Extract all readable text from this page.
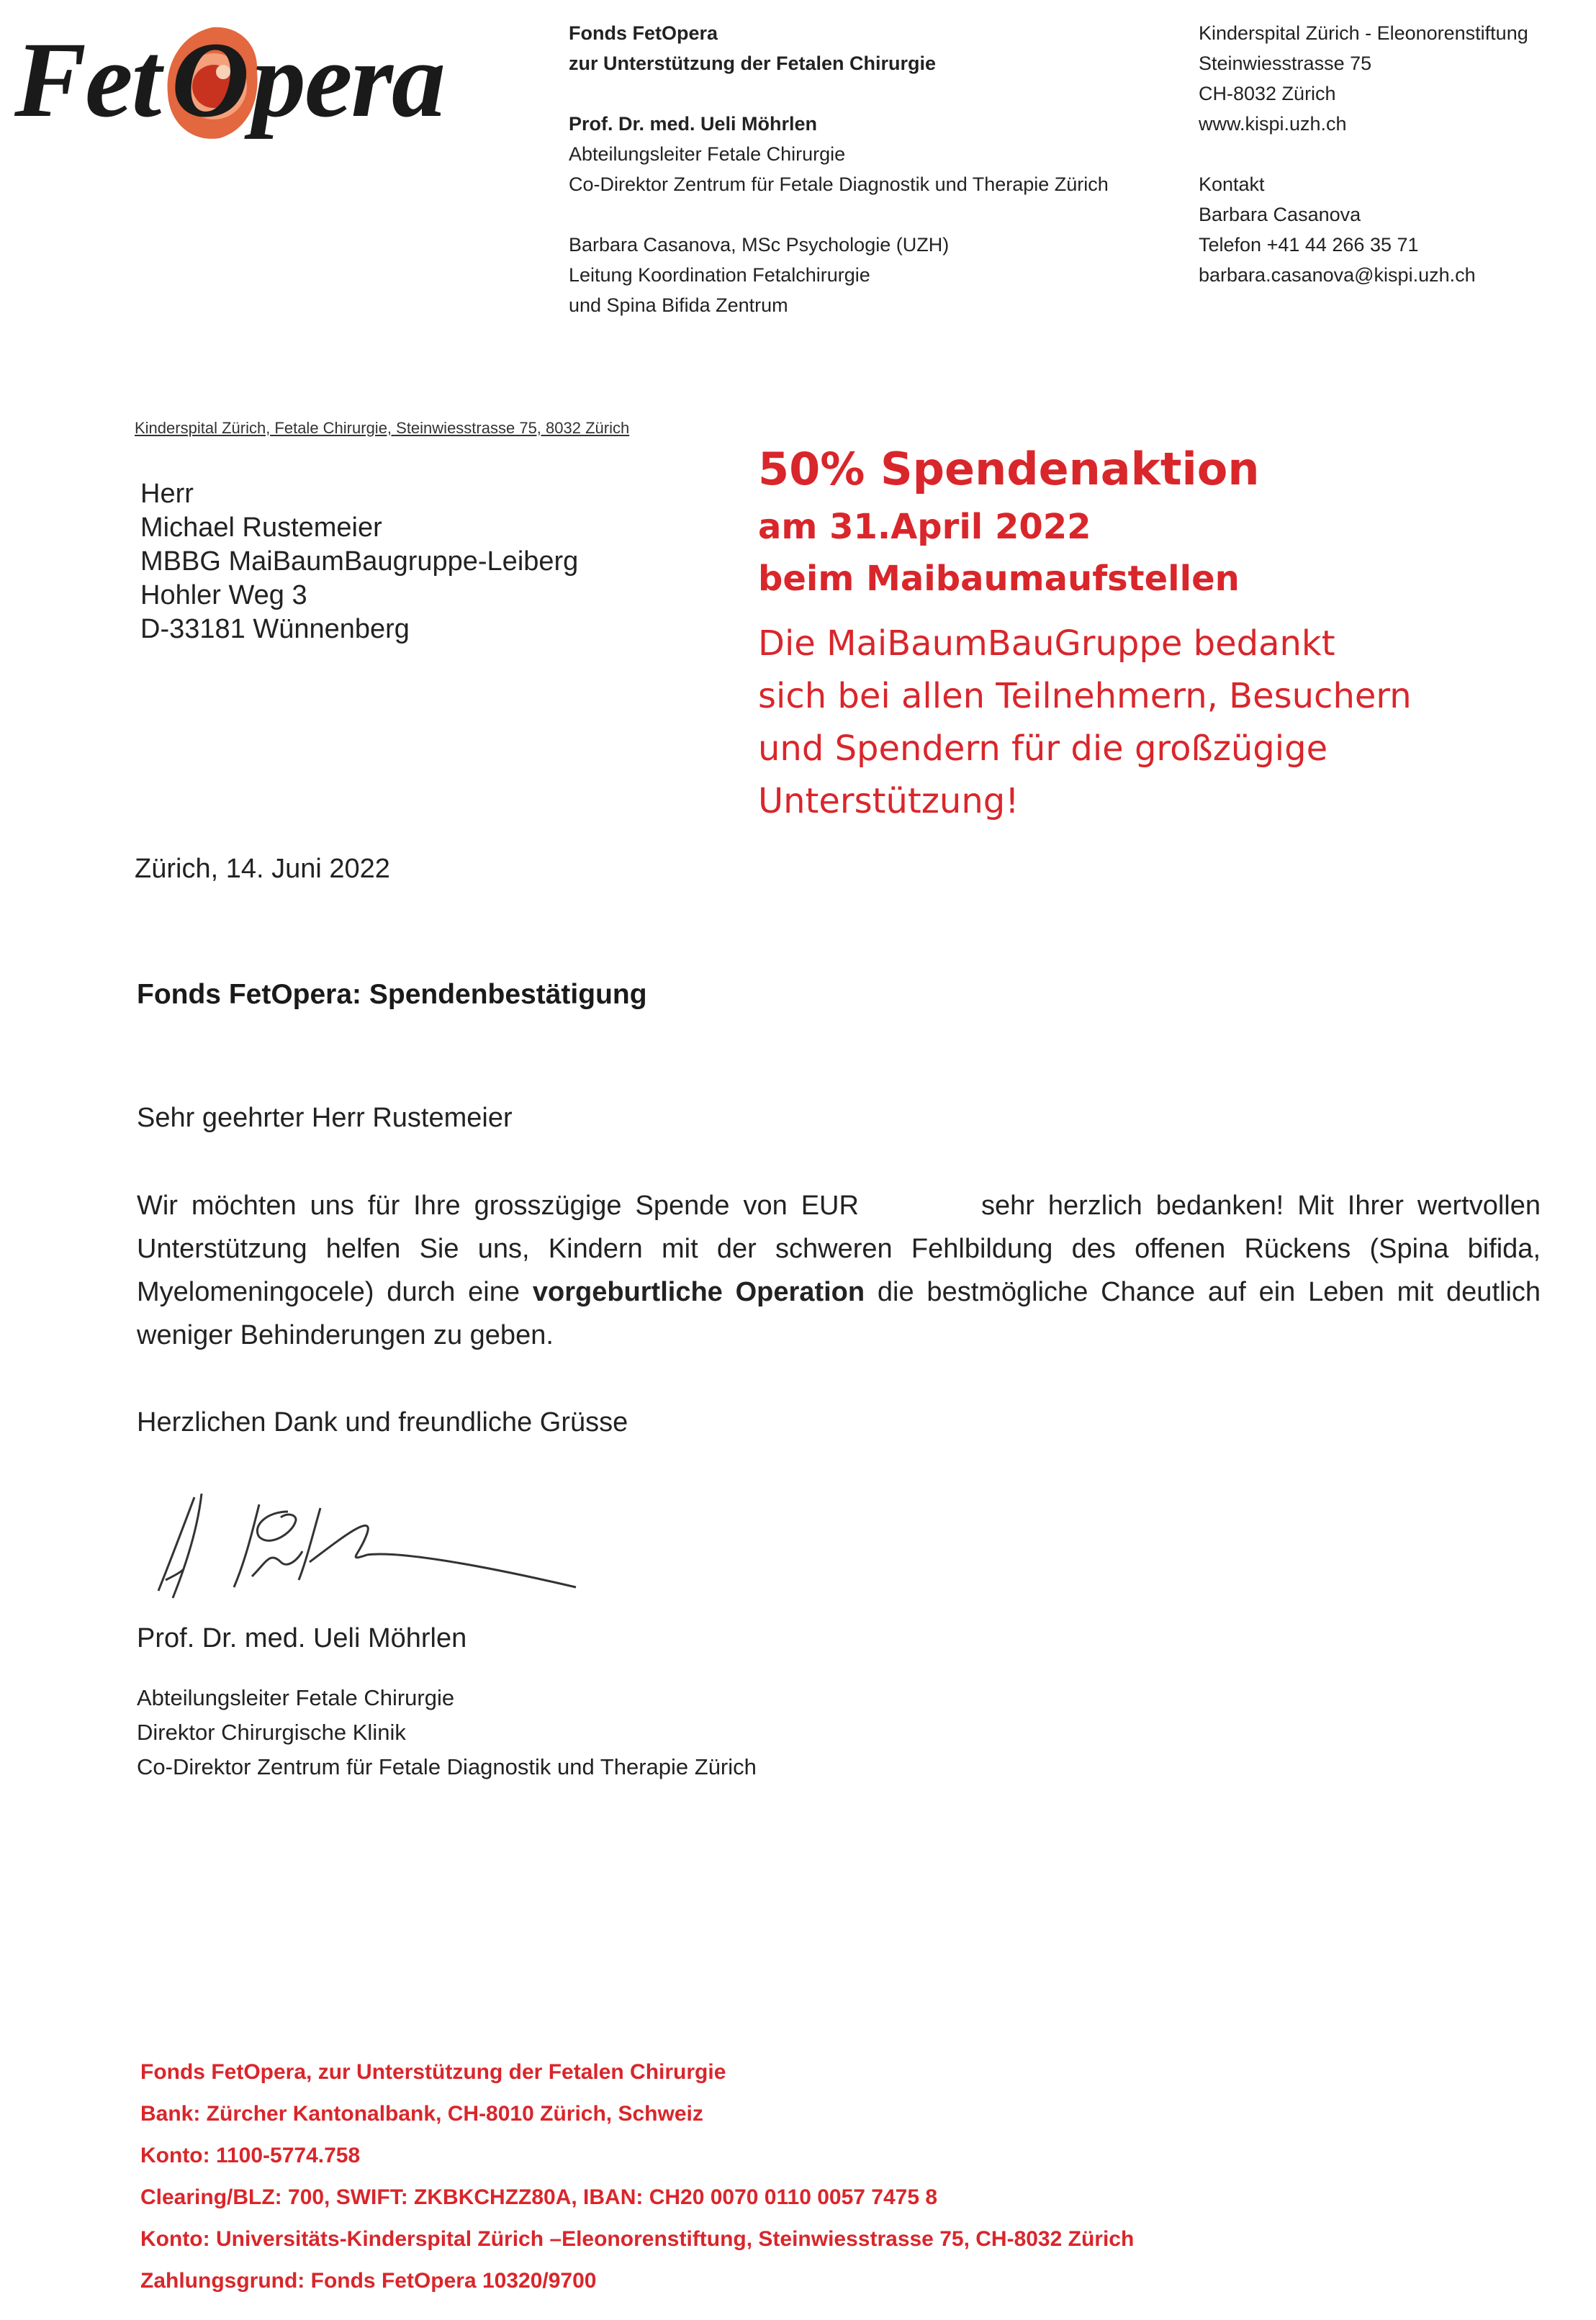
Fet O pera	Fonds FetOpera
zur Unterstützung der Fetalen Chirurgie
Prof. Dr. med. Ueli Möhrlen
Abteilungsleiter Fetale Chirurgie
Co-Direktor Zentrum für Fetale Diagnostik und Therapie Zürich
Barbara Casanova, MSc Psychologie (UZH)
Leitung Koordination Fetalchirurgie
und Spina Bifida Zentrum
Kinderspital Zürich - Eleonorenstiftung
Steinwiesstrasse 75
CH-8032 Zürich
www.kispi.uzh.ch
Kontakt
Barbara Casanova
Telefon +41 44 266 35 71
barbara.casanova@kispi.uzh.ch
Kinderspital Zürich, Fetale Chirurgie, Steinwiesstrasse 75, 8032 Zürich
Herr
Michael Rustemeier
MBBG MaiBaumBaugruppe-Leiberg
Hohler Weg 3
D-33181 Wünnenberg
50% Spendenaktion
am 31.April 2022
beim Maibaumaufstellen
Die MaiBaumBauGruppe bedankt
sich bei allen Teilnehmern, Besuchern
und Spendern für die großzügige
Unterstützung!
Zürich, 14. Juni 2022
Fonds FetOpera: Spendenbestätigung
Sehr geehrter Herr Rustemeier
Wir möchten uns für Ihre grosszügige Spende von EUR	sehr herzlich bedanken! Mit Ihrer wertvollen Unterstützung helfen Sie uns, Kindern mit der schweren Fehlbildung des offenen Rückens (Spina bifida, Myelomeningocele) durch eine vorgeburtliche Operation die bestmögliche Chance auf ein Leben mit deutlich weniger Behinderungen zu geben.
Herzlichen Dank und freundliche Grüsse
Prof. Dr. med. Ueli Möhrlen
Abteilungsleiter Fetale Chirurgie
Direktor Chirurgische Klinik
Co-Direktor Zentrum für Fetale Diagnostik und Therapie Zürich
Fonds FetOpera, zur Unterstützung der Fetalen Chirurgie
Bank: Zürcher Kantonalbank, CH-8010 Zürich, Schweiz
Konto: 1100-5774.758
Clearing/BLZ: 700, SWIFT: ZKBKCHZZ80A, IBAN: CH20 0070 0110 0057 7475 8
Konto: Universitäts-Kinderspital Zürich –Eleonorenstiftung, Steinwiesstrasse 75, CH-8032 Zürich
Zahlungsgrund: Fonds FetOpera 10320/9700
